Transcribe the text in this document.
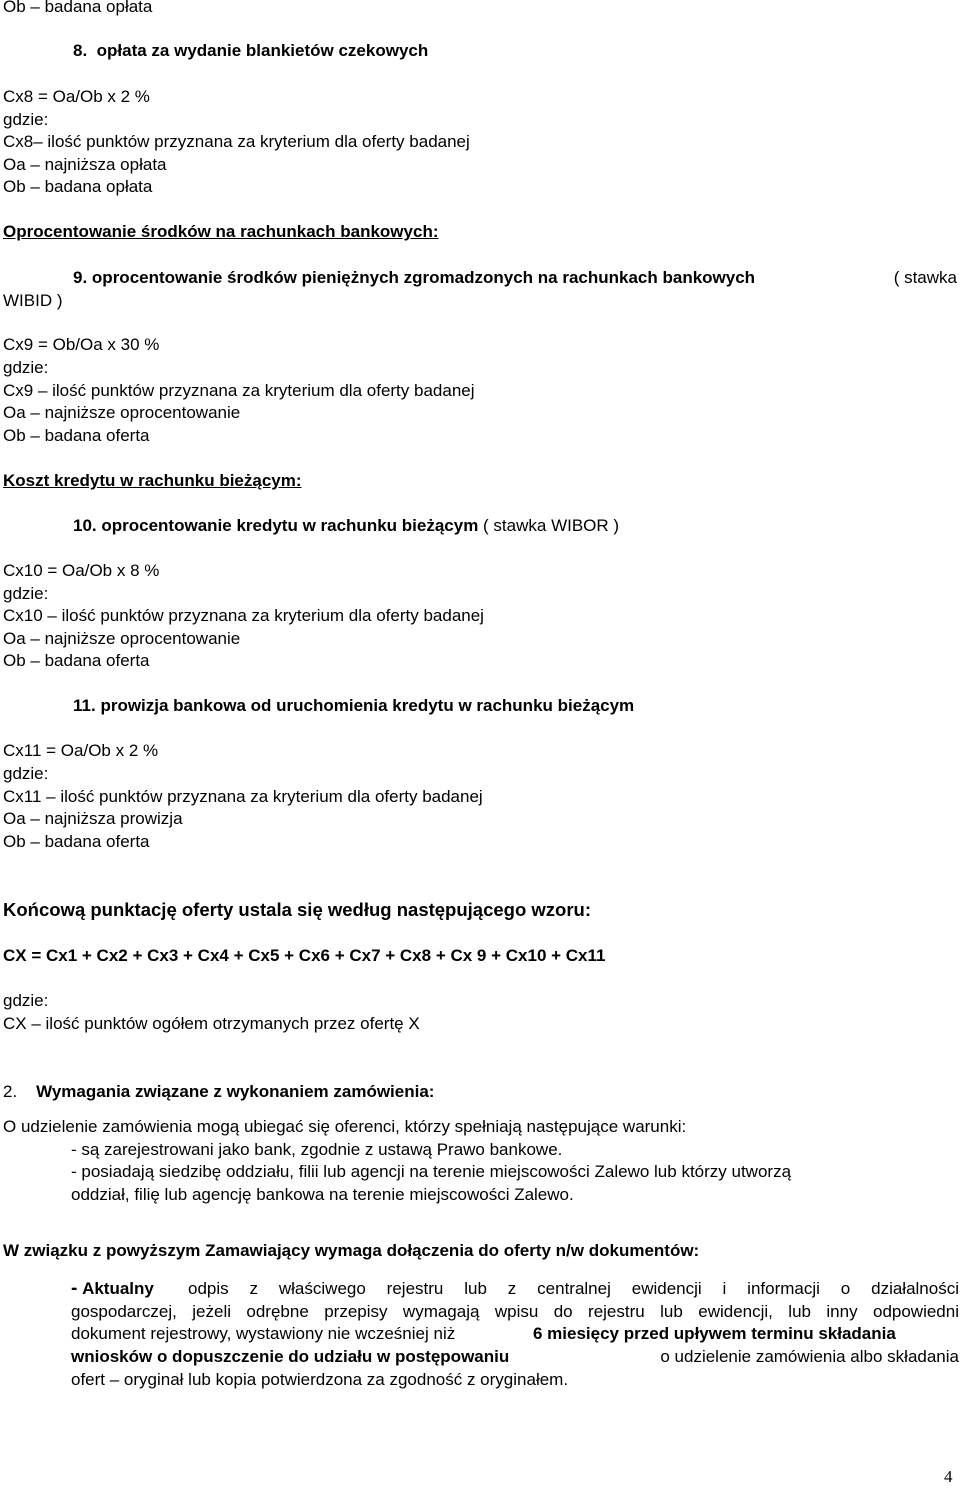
Ob – badana opłata
8. opłata za wydanie blankietów czekowych
Cx8 = Oa/Ob x 2 %
gdzie:
Cx8– ilość punktów przyznana za kryterium dla oferty badanej
Oa – najniższa opłata
Ob – badana opłata
Oprocentowanie środków na rachunkach bankowych:
9. oprocentowanie środków pieniężnych zgromadzonych na rachunkach bankowych	( stawka
WIBID )
Cx9 = Ob/Oa x 30 %
gdzie:
Cx9 – ilość punktów przyznana za kryterium dla oferty badanej
Oa – najniższe oprocentowanie
Ob – badana oferta
Koszt kredytu w rachunku bieżącym:
10. oprocentowanie kredytu w rachunku bieżącym ( stawka WIBOR )
Cx10 = Oa/Ob x 8 %
gdzie:
Cx10 – ilość punktów przyznana za kryterium dla oferty badanej
Oa – najniższe oprocentowanie
Ob – badana oferta
11. prowizja bankowa od uruchomienia kredytu w rachunku bieżącym
Cx11 = Oa/Ob x 2 %
gdzie:
Cx11 – ilość punktów przyznana za kryterium dla oferty badanej
Oa – najniższa prowizja
Ob – badana oferta
Końcową punktację oferty ustala się według następującego wzoru:
CX = Cx1 + Cx2 + Cx3 + Cx4 + Cx5 + Cx6 + Cx7 + Cx8 + Cx 9 + Cx10 + Cx11
gdzie:
CX – ilość punktów ogółem otrzymanych przez ofertę X
2. Wymagania związane z wykonaniem zamówienia:
O udzielenie zamówienia mogą ubiegać się oferenci, którzy spełniają następujące warunki:
- są zarejestrowani jako bank, zgodnie z ustawą Prawo bankowe.
- posiadają siedzibę oddziału, filii lub agencji na terenie miejscowości Zalewo lub którzy utworzą
oddział, filię lub agencję bankowa na terenie miejscowości Zalewo.
W związku z powyższym Zamawiający wymaga dołączenia do oferty n/w dokumentów:
- Aktualny odpis z właściwego rejestru lub z centralnej ewidencji i informacji o działalności
gospodarczej, jeżeli odrębne przepisy wymagają wpisu do rejestru lub ewidencji, lub inny odpowiedni
dokument rejestrowy, wystawiony nie wcześniej niż	6 miesięcy przed upływem terminu składania
wniosków o dopuszczenie do udziału w postępowaniu	o udzielenie zamówienia albo składania
ofert – oryginał lub kopia potwierdzona za zgodność z oryginałem.
4
